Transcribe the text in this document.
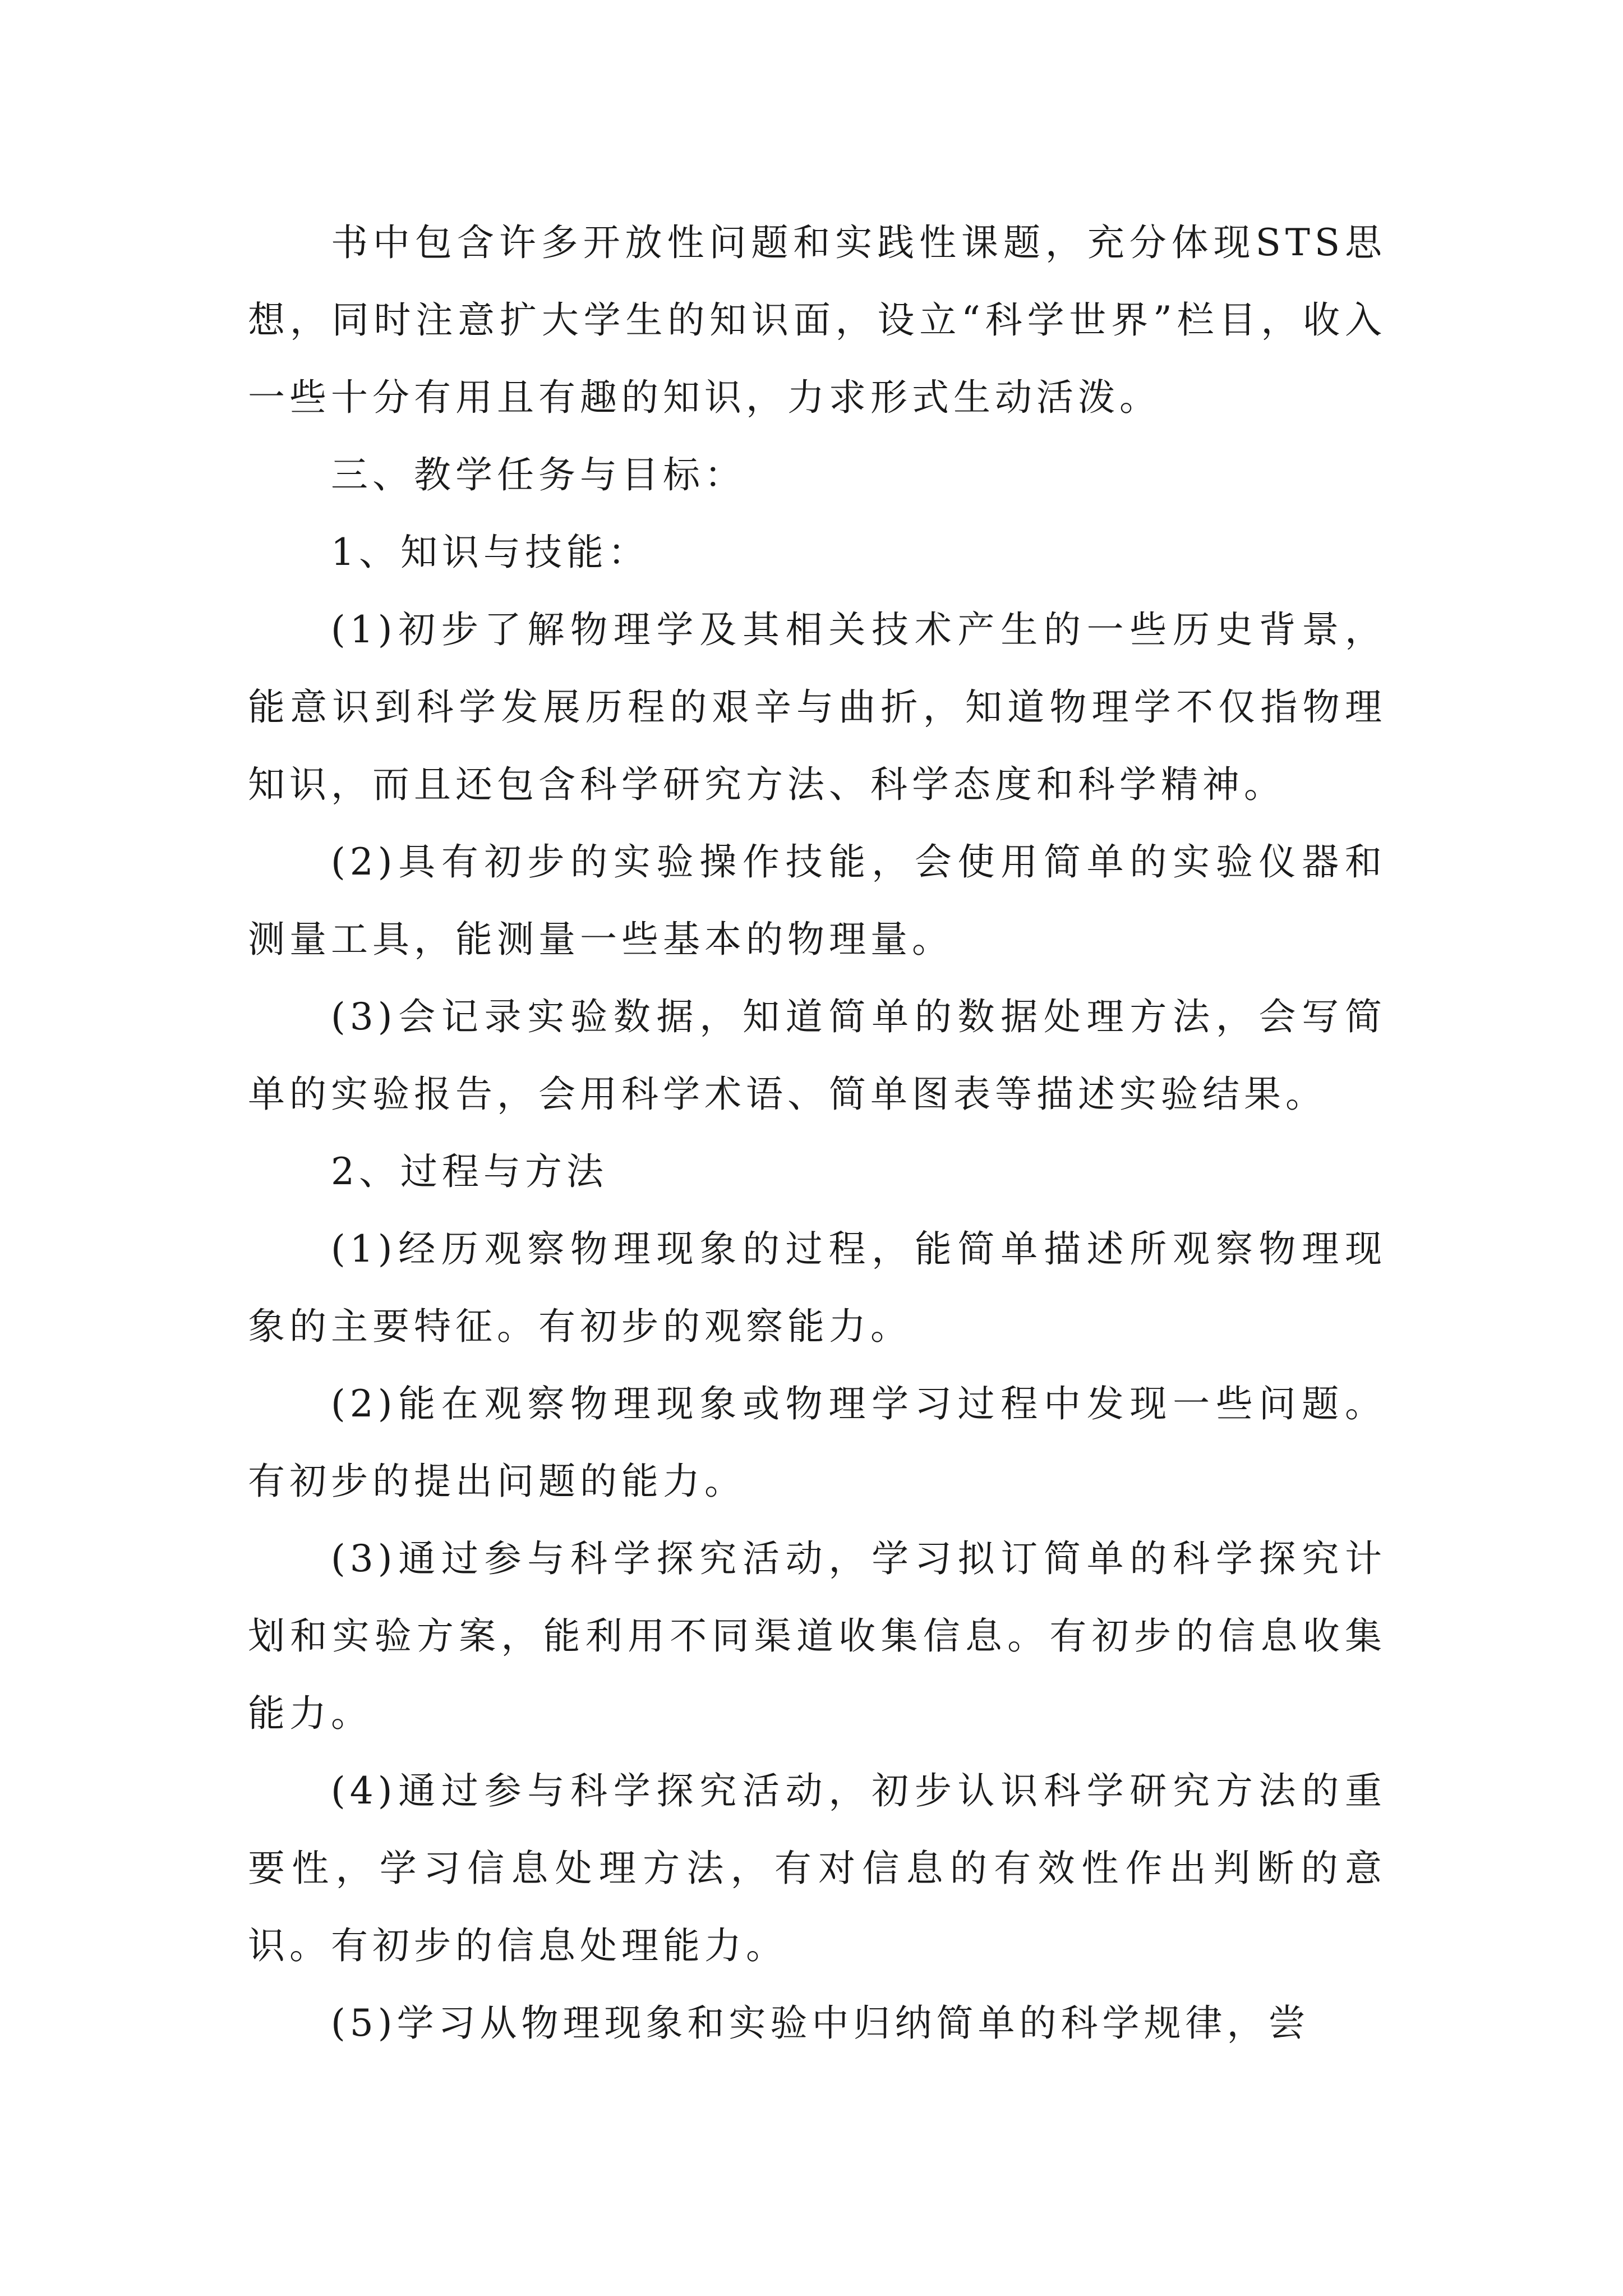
书中包含许多开放性问题和实践性课题，充分体现STS思想，同时注意扩大学生的知识面，设立“科学世界”栏目，收入一些十分有用且有趣的知识，力求形式生动活泼。

三、教学任务与目标：

1、知识与技能：

(1)初步了解物理学及其相关技术产生的一些历史背景，能意识到科学发展历程的艰辛与曲折，知道物理学不仅指物理知识，而且还包含科学研究方法、科学态度和科学精神。

(2)具有初步的实验操作技能，会使用简单的实验仪器和测量工具，能测量一些基本的物理量。

(3)会记录实验数据，知道简单的数据处理方法，会写简单的实验报告，会用科学术语、简单图表等描述实验结果。

2、过程与方法

(1)经历观察物理现象的过程，能简单描述所观察物理现象的主要特征。有初步的观察能力。

(2)能在观察物理现象或物理学习过程中发现一些问题。有初步的提出问题的能力。

(3)通过参与科学探究活动，学习拟订简单的科学探究计划和实验方案，能利用不同渠道收集信息。有初步的信息收集能力。

(4)通过参与科学探究活动，初步认识科学研究方法的重要性，学习信息处理方法，有对信息的有效性作出判断的意识。有初步的信息处理能力。

(5)学习从物理现象和实验中归纳简单的科学规律，尝
